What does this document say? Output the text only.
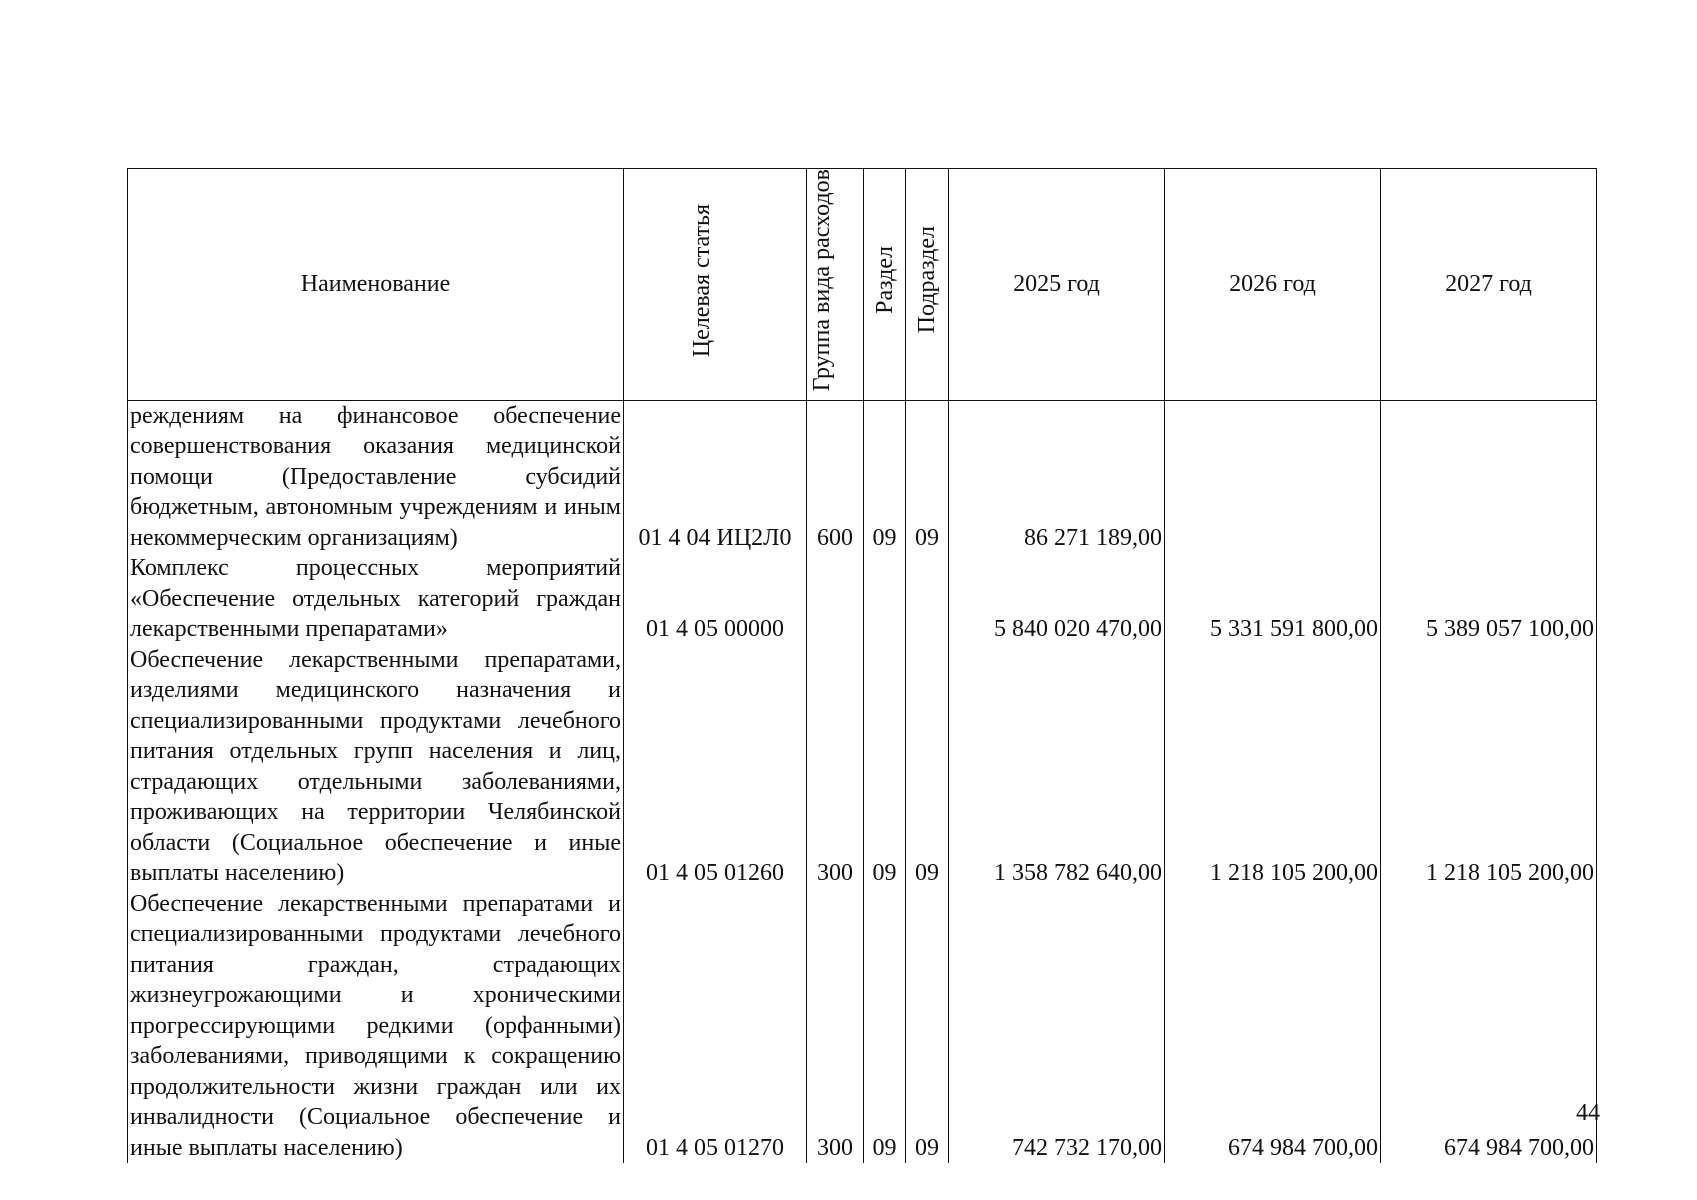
Наименование	Целевая статья	Группа вида расходов	Раздел	Подраздел	2025 год	2026 год	2027 год
реждениям на финансовое обеспечение совершенствования оказания медицинской помощи (Предоставление субсидий бюджетным, автономным учреждениям и иным некоммерческим организациям)	01 4 04 ИЦ2Л0	600	09	09	86 271 189,00		
Комплекс процессных мероприятий «Обеспечение отдельных категорий граждан лекарственными препаратами»	01 4 05 00000				5 840 020 470,00	5 331 591 800,00	5 389 057 100,00
Обеспечение лекарственными препаратами, изделиями медицинского назначения и специализированными продуктами лечебного питания отдельных групп населения и лиц, страдающих отдельными заболеваниями, проживающих на территории Челябинской области (Социальное обеспечение и иные выплаты населению)	01 4 05 01260	300	09	09	1 358 782 640,00	1 218 105 200,00	1 218 105 200,00
Обеспечение лекарственными препаратами и специализированными продуктами лечебного питания граждан, страдающих жизнеугрожающими и хроническими прогрессирующими редкими (орфанными) заболеваниями, приводящими к сокращению продолжительности жизни граждан или их инвалидности (Социальное обеспечение и иные выплаты населению)	01 4 05 01270	300	09	09	742 732 170,00	674 984 700,00	674 984 700,00
44
